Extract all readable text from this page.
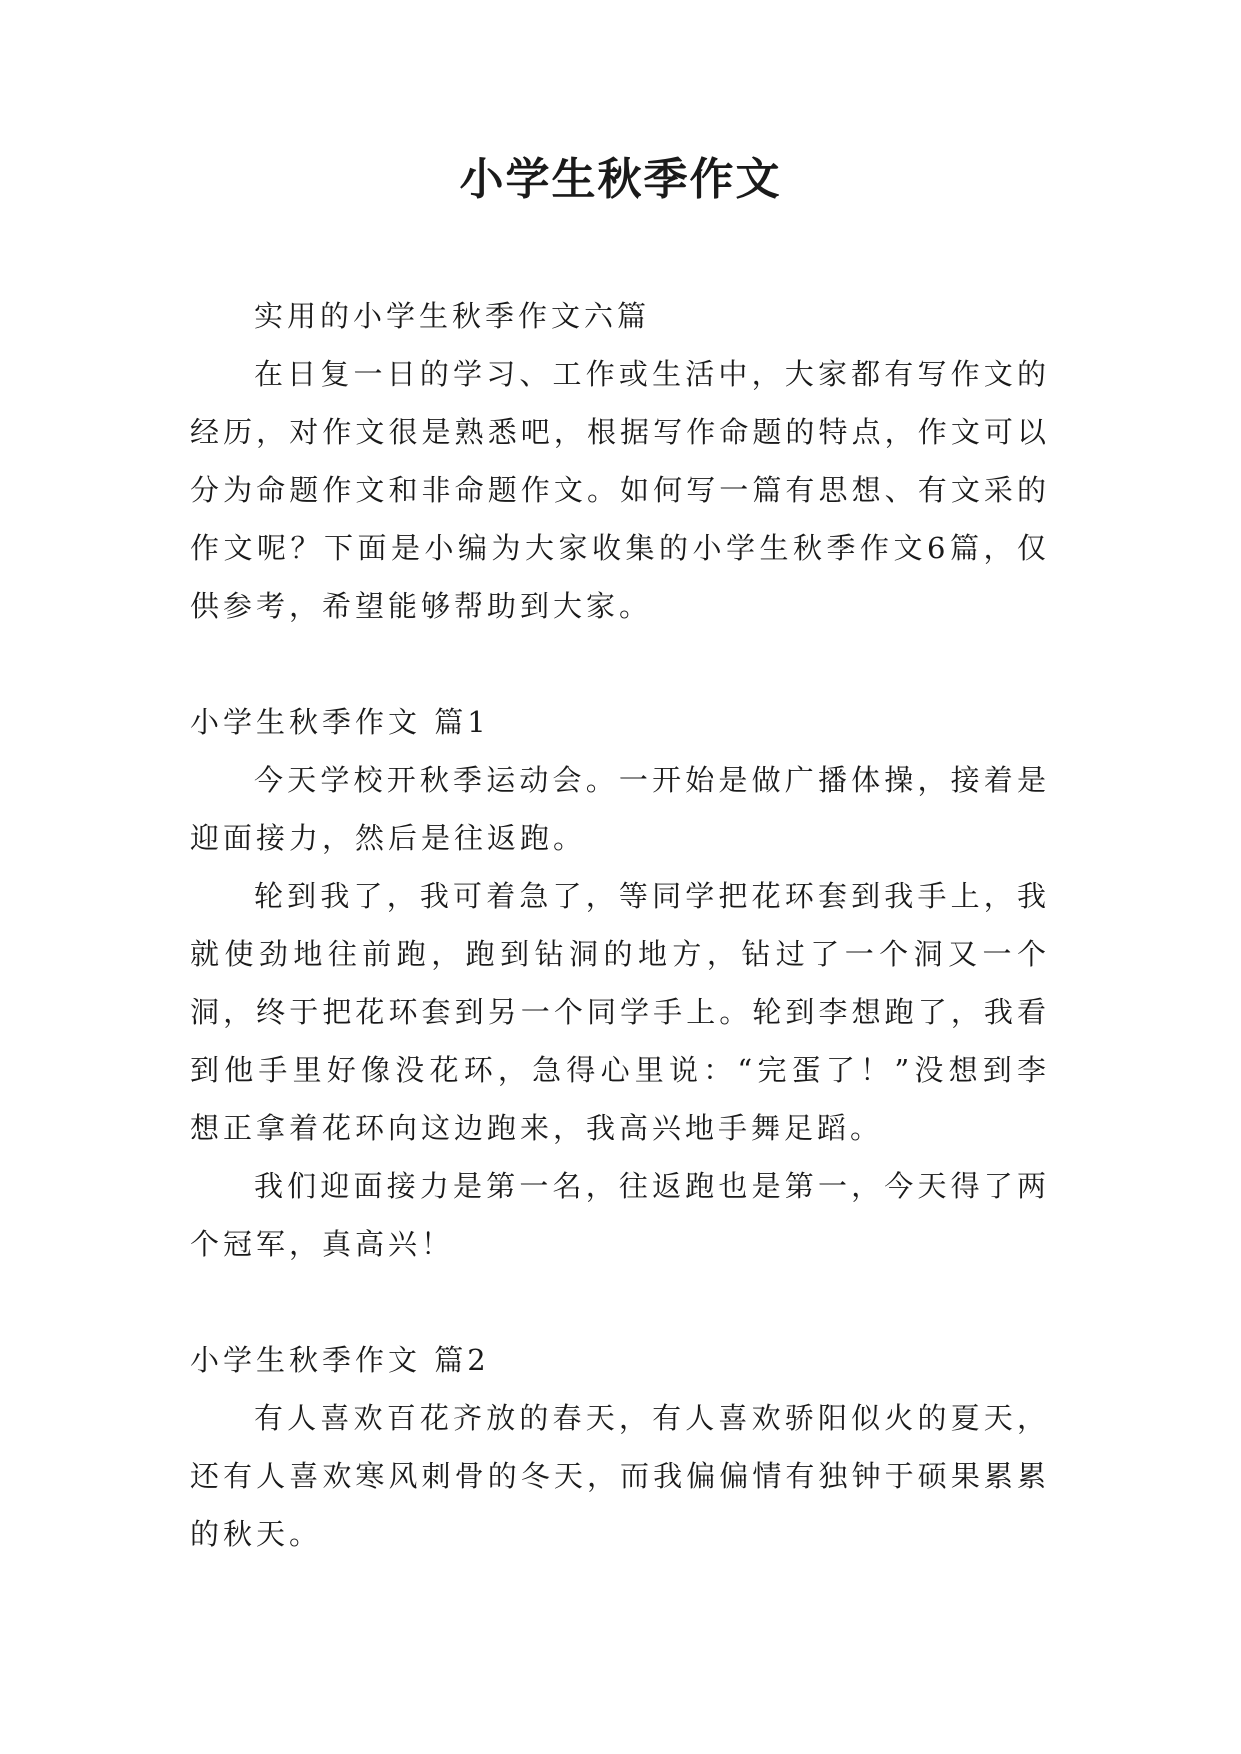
小学生秋季作文

实用的小学生秋季作文六篇

在日复一日的学习、工作或生活中，大家都有写作文的经历，对作文很是熟悉吧，根据写作命题的特点，作文可以分为命题作文和非命题作文。如何写一篇有思想、有文采的作文呢？下面是小编为大家收集的小学生秋季作文6篇，仅供参考，希望能够帮助到大家。

小学生秋季作文 篇1

今天学校开秋季运动会。一开始是做广播体操，接着是迎面接力，然后是往返跑。

轮到我了，我可着急了，等同学把花环套到我手上，我就使劲地往前跑，跑到钻洞的地方，钻过了一个洞又一个洞，终于把花环套到另一个同学手上。轮到李想跑了，我看到他手里好像没花环，急得心里说：“完蛋了！”没想到李想正拿着花环向这边跑来，我高兴地手舞足蹈。

我们迎面接力是第一名，往返跑也是第一，今天得了两个冠军，真高兴！

小学生秋季作文 篇2

有人喜欢百花齐放的春天，有人喜欢骄阳似火的夏天，还有人喜欢寒风刺骨的冬天，而我偏偏情有独钟于硕果累累的秋天。
